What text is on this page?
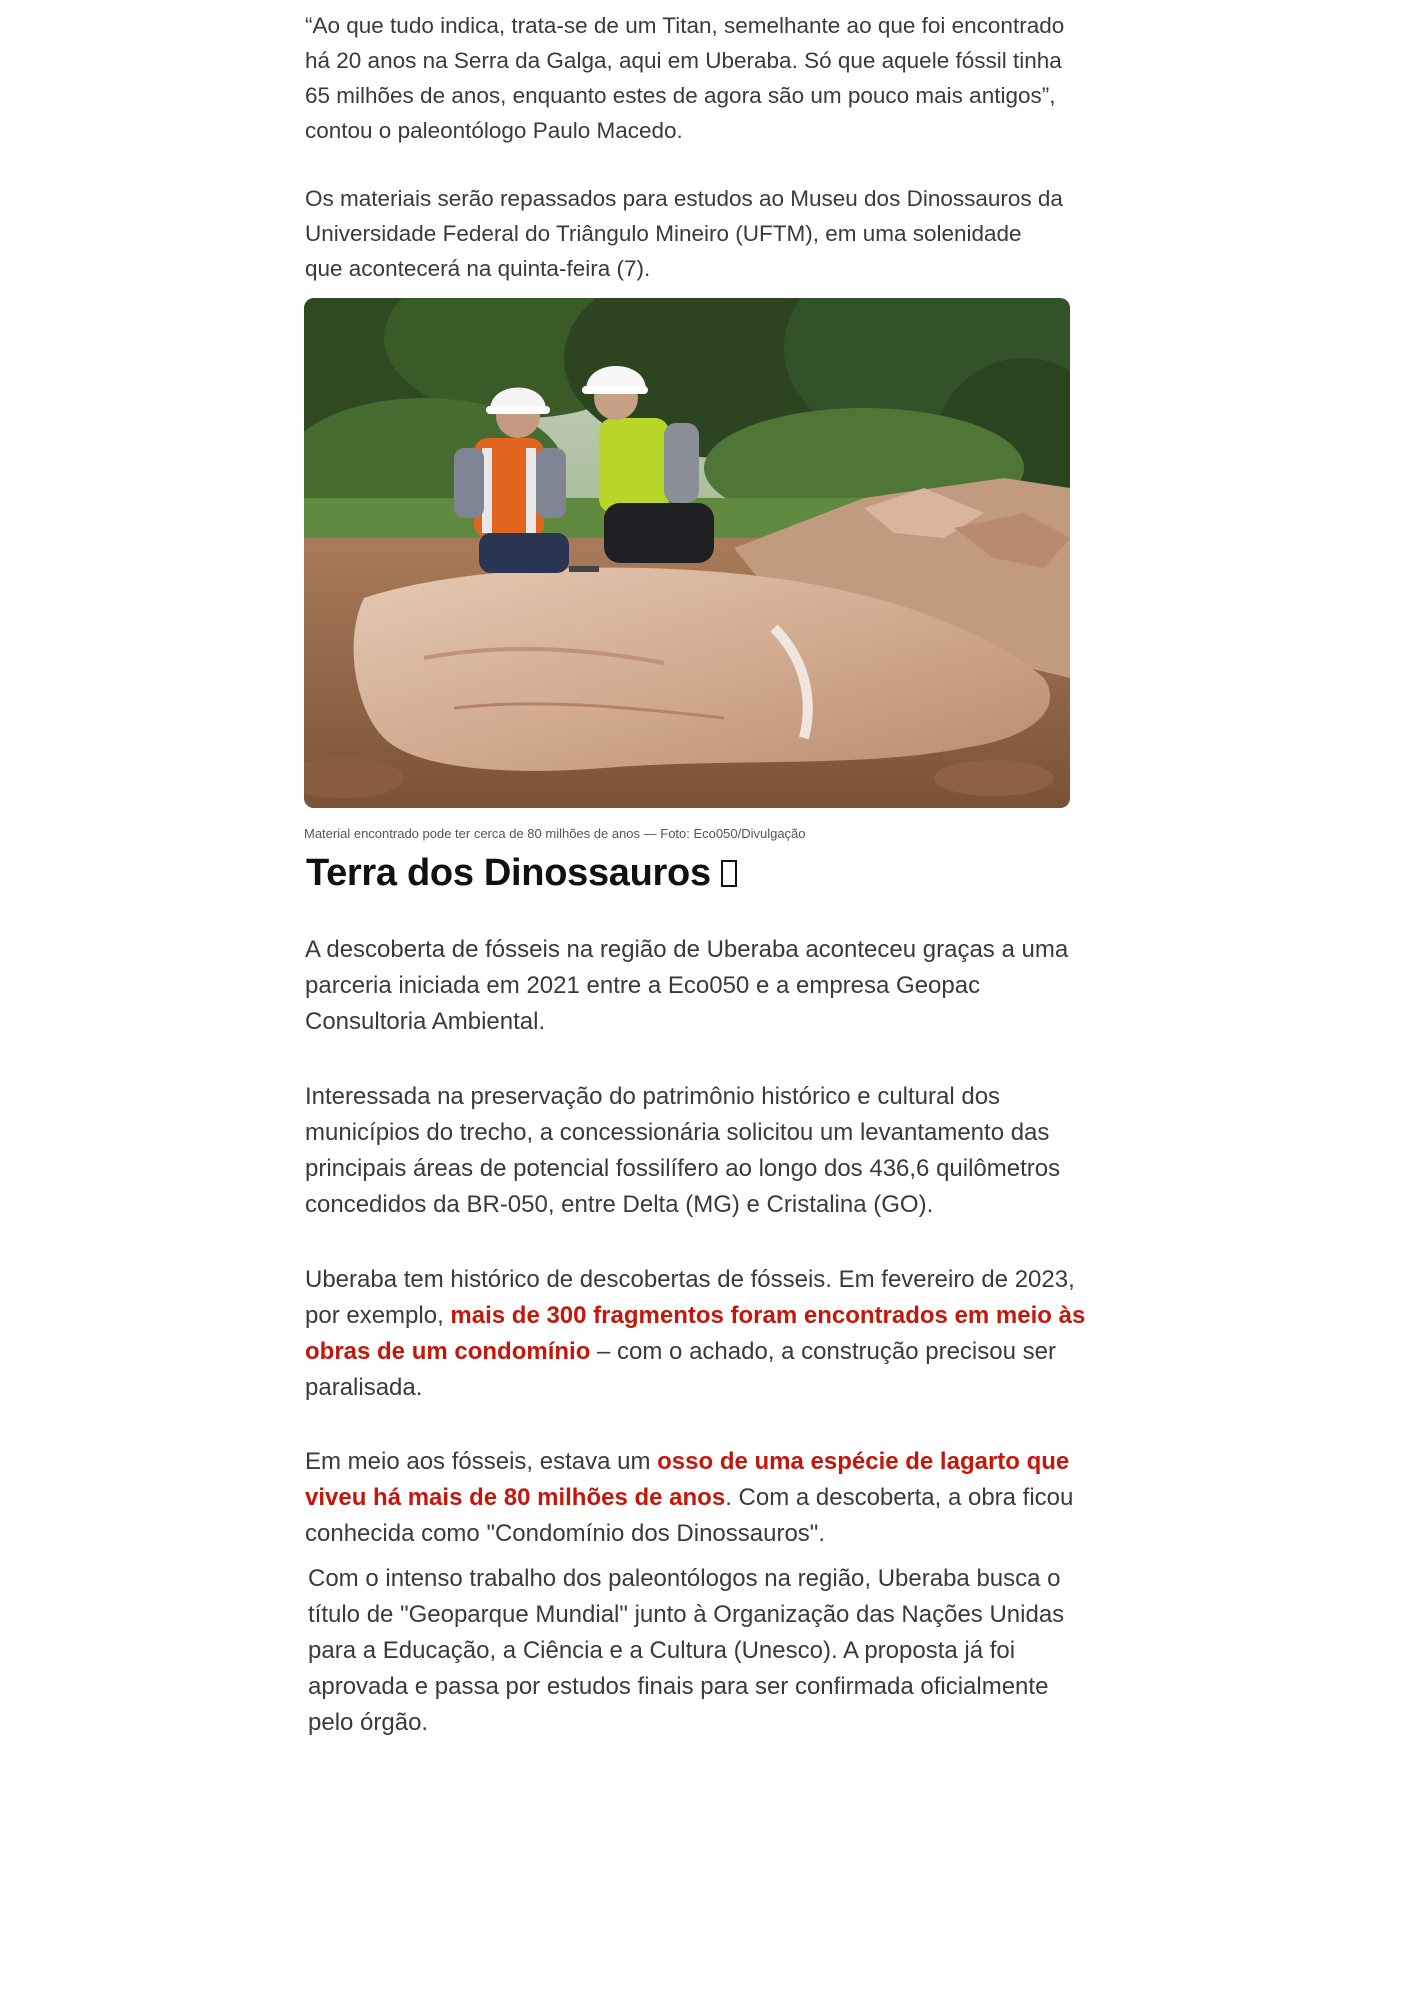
“Ao que tudo indica, trata-se de um Titan, semelhante ao que foi encontrado há 20 anos na Serra da Galga, aqui em Uberaba. Só que aquele fóssil tinha 65 milhões de anos, enquanto estes de agora são um pouco mais antigos”, contou o paleontólogo Paulo Macedo.

Os materiais serão repassados para estudos ao Museu dos Dinossauros da Universidade Federal do Triângulo Mineiro (UFTM), em uma solenidade que acontecerá na quinta-feira (7).

Material encontrado pode ter cerca de 80 milhões de anos — Foto: Eco050/Divulgação

Terra dos Dinossauros

A descoberta de fósseis na região de Uberaba aconteceu graças a uma parceria iniciada em 2021 entre a Eco050 e a empresa Geopac Consultoria Ambiental.

Interessada na preservação do patrimônio histórico e cultural dos municípios do trecho, a concessionária solicitou um levantamento das principais áreas de potencial fossilífero ao longo dos 436,6 quilômetros concedidos da BR-050, entre Delta (MG) e Cristalina (GO).

Uberaba tem histórico de descobertas de fósseis. Em fevereiro de 2023, por exemplo, mais de 300 fragmentos foram encontrados em meio às obras de um condomínio – com o achado, a construção precisou ser paralisada.

Em meio aos fósseis, estava um osso de uma espécie de lagarto que viveu há mais de 80 milhões de anos. Com a descoberta, a obra ficou conhecida como "Condomínio dos Dinossauros".

Com o intenso trabalho dos paleontólogos na região, Uberaba busca o título de "Geoparque Mundial" junto à Organização das Nações Unidas para a Educação, a Ciência e a Cultura (Unesco). A proposta já foi aprovada e passa por estudos finais para ser confirmada oficialmente pelo órgão.
